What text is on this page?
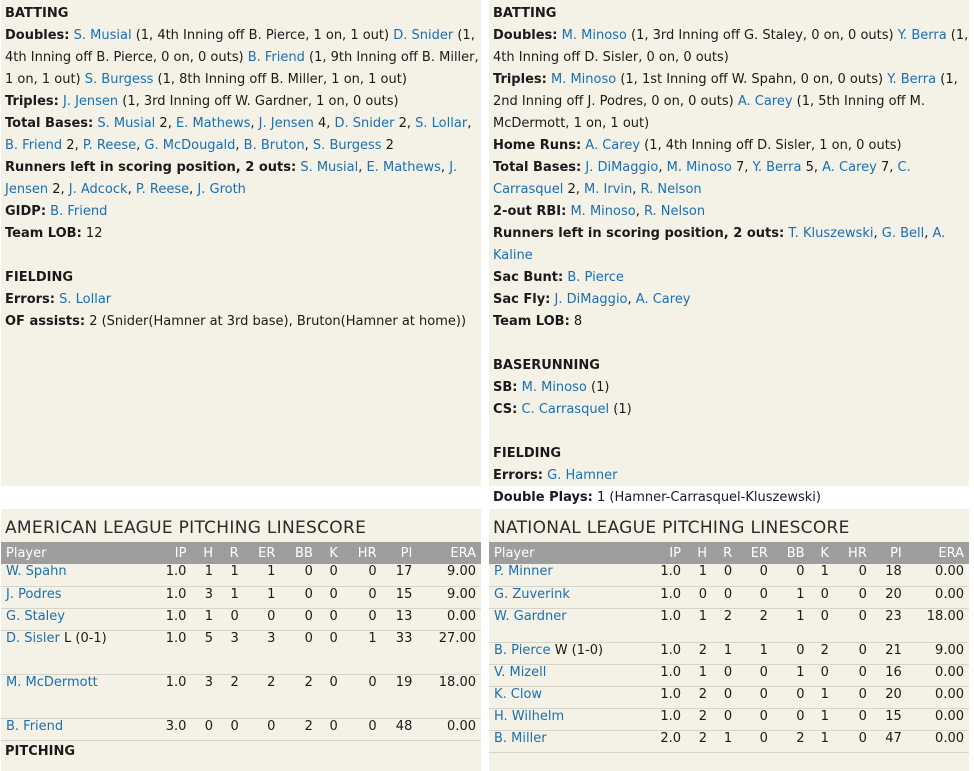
BATTING
Doubles: S. Musial (1, 4th Inning off B. Pierce, 1 on, 1 out) D. Snider (1, 4th Inning off B. Pierce, 0 on, 0 outs) B. Friend (1, 9th Inning off B. Miller, 1 on, 1 out) S. Burgess (1, 8th Inning off B. Miller, 1 on, 1 out)
Triples: J. Jensen (1, 3rd Inning off W. Gardner, 1 on, 0 outs)
Total Bases: S. Musial 2, E. Mathews, J. Jensen 4, D. Snider 2, S. Lollar, B. Friend 2, P. Reese, G. McDougald, B. Bruton, S. Burgess 2
Runners left in scoring position, 2 outs: S. Musial, E. Mathews, J. Jensen 2, J. Adcock, P. Reese, J. Groth
GIDP: B. Friend
Team LOB: 12
FIELDING
Errors: S. Lollar
OF assists: 2 (Snider(Hamner at 3rd base), Bruton(Hamner at home))
BATTING
Doubles: M. Minoso (1, 3rd Inning off G. Staley, 0 on, 0 outs) Y. Berra (1, 4th Inning off D. Sisler, 0 on, 0 outs)
Triples: M. Minoso (1, 1st Inning off W. Spahn, 0 on, 0 outs) Y. Berra (1, 2nd Inning off J. Podres, 0 on, 0 outs) A. Carey (1, 5th Inning off M. McDermott, 1 on, 1 out)
Home Runs: A. Carey (1, 4th Inning off D. Sisler, 1 on, 0 outs)
Total Bases: J. DiMaggio, M. Minoso 7, Y. Berra 5, A. Carey 7, C. Carrasquel 2, M. Irvin, R. Nelson
2-out RBI: M. Minoso, R. Nelson
Runners left in scoring position, 2 outs: T. Kluszewski, G. Bell, A. Kaline
Sac Bunt: B. Pierce
Sac Fly: J. DiMaggio, A. Carey
Team LOB: 8
BASERUNNING
SB: M. Minoso (1)
CS: C. Carrasquel (1)
FIELDING
Errors: G. Hamner
Double Plays: 1 (Hamner-Carrasquel-Kluszewski)
AMERICAN LEAGUE PITCHING LINESCORE
Player	IP	H	R	ER	BB	K	HR	PI	ERA
W. Spahn	1.0	1	1	1	0	0	0	17	9.00
J. Podres	1.0	3	1	1	0	0	0	15	9.00
G. Staley	1.0	1	0	0	0	0	0	13	0.00
D. Sisler L (0-1)	1.0	5	3	3	0	0	1	33	27.00
M. McDermott	1.0	3	2	2	2	0	0	19	18.00
B. Friend	3.0	0	0	0	2	0	0	48	0.00
PITCHING
NATIONAL LEAGUE PITCHING LINESCORE
Player	IP	H	R	ER	BB	K	HR	PI	ERA
P. Minner	1.0	1	0	0	0	1	0	18	0.00
G. Zuverink	1.0	0	0	0	1	0	0	20	0.00
W. Gardner	1.0	1	2	2	1	0	0	23	18.00
B. Pierce W (1-0)	1.0	2	1	1	0	2	0	21	9.00
V. Mizell	1.0	1	0	0	1	0	0	16	0.00
K. Clow	1.0	2	0	0	0	1	0	20	0.00
H. Wilhelm	1.0	2	0	0	0	1	0	15	0.00
B. Miller	2.0	2	1	0	2	1	0	47	0.00
